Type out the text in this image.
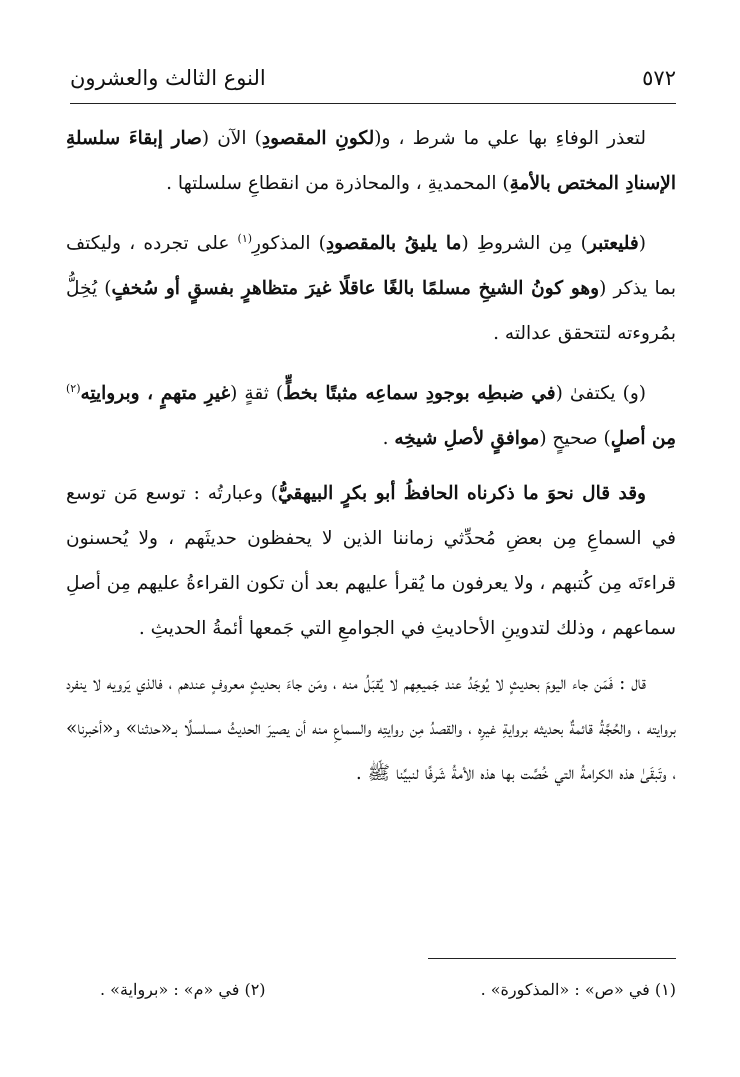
٥٧٢
النوع الثالث والعشرون

لتعذر الوفاءِ بها علي ما شرط ، و(لكونِ المقصودِ) الآن (صار إبقاءَ سلسلةِ الإسنادِ المختص بالأمةِ) المحمديةِ ، والمحاذرة من انقطاعِ سلسلتها .

(فليعتبر) مِن الشروطِ (ما يليقُ بالمقصودِ) المذكورِ$^{(١)}$ على تجرده ، وليكتف بما يذكر (وهو كونُ الشيخِ مسلمًا بالغًا عاقلًا غيرَ متظاهرٍ بفسقٍ أو سُخفٍ) يُخِلُّ بمُروءته لتتحقق عدالته .

(و) يكتفىٰ (في ضبطِه بوجودِ سماعِه مثبتًا بخطٍّ) ثقةٍ (غيرِ متهمٍ ، وبروايتِه$^{(٢)}$ مِن أصلٍ) صحيحٍ (موافقٍ لأصلِ شيخِه .

وقد قال نحوَ ما ذكرناه الحافظُ أبو بكرٍ البيهقيُّ) وعبارتُه : توسع مَن توسع في السماعِ مِن بعضِ مُحدِّثي زماننا الذين لا يحفظون حديثَهم ، ولا يُحسنون قراءتَه مِن كُتبهم ، ولا يعرفون ما يُقرأ عليهم بعد أن تكون القراءةُ عليهم مِن أصلِ سماعهم ، وذلك لتدوينِ الأحاديثِ في الجوامعِ التي جَمعها أئمةُ الحديثِ .

قال : فَمَن جاء اليومَ بحديثٍ لا يُوجَدُ عند جَميعِهم لا يُقبَلُ منه ، ومَن جاءَ بحديثٍ معروفٍ عندهم ، فالذي يَرويه لا ينفرد بروايته ، والحُجَّةُ قائمةٌ بحديثه بروايةِ غيرِه ، والقصدُ مِن روايتِه والسماعِ منه أن يصيرَ الحديثُ مسلسلًا بـ«حدثنا» و«أخبرنا» ، وتَبقَىٰ هذه الكرامةُ التي خُصَّت بها هذه الأمةُ شَرفًا لنبيِّنا ﷺ .

(١) في «ص» : «المذكورة» .
(٢) في «م» : «برواية» .
